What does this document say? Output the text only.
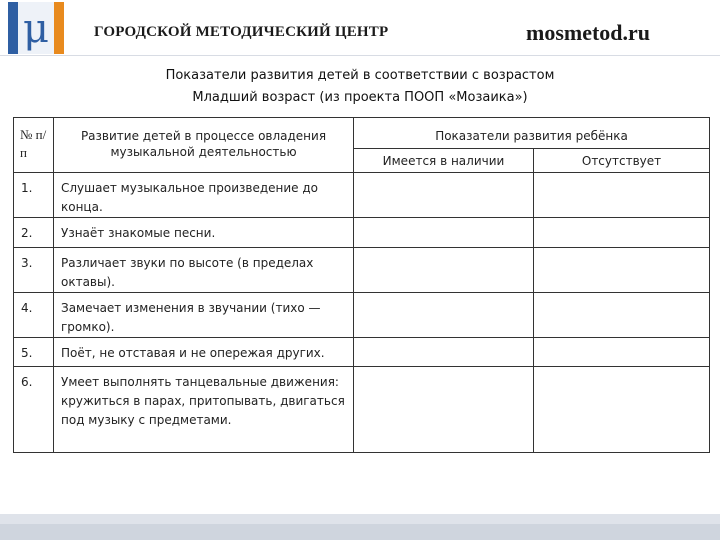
μ	ГОРОДСКОЙ МЕТОДИЧЕСКИЙ ЦЕНТР	mosmetod.ru
Показатели развития детей в соответствии с возрастом
Младший возраст (из проекта ПООП «Мозаика»)
№ п/п	Развитие детей в процессе овладения музыкальной деятельностью	Показатели развития ребёнка	
		Имеется в наличии	Отсутствует
1.	Слушает музыкальное произведение до конца.		
2.	Узнаёт знакомые песни.		
3.	Различает звуки по высоте (в пределах октавы).		
4.	Замечает изменения в звучании (тихо — громко).		
5.	Поёт, не отставая и не опережая других.		
6.	Умеет выполнять танцевальные движения: кружиться в парах, притопывать, двигаться под музыку с предметами.		
